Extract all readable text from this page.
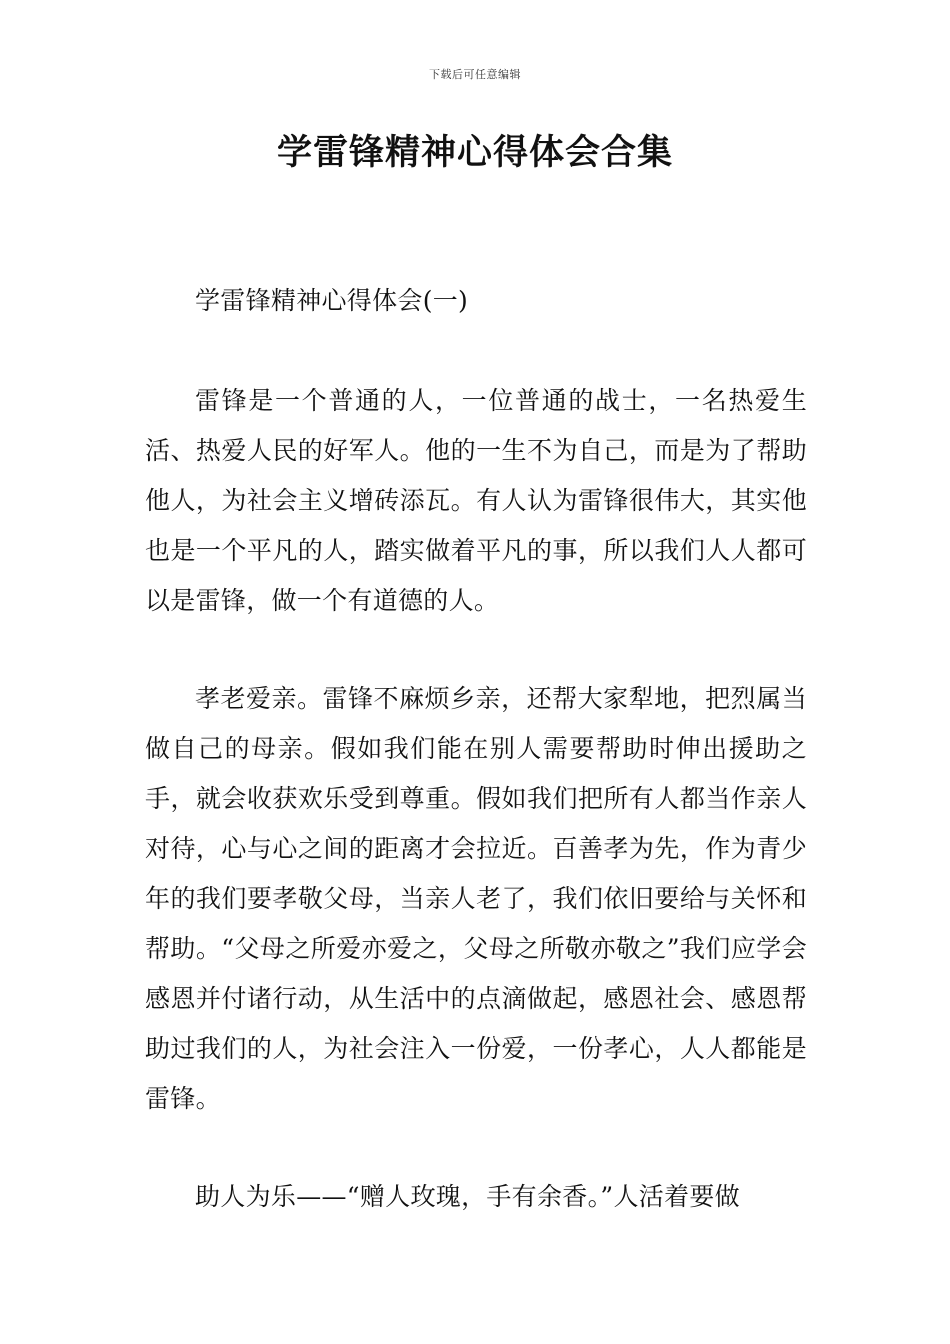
下载后可任意编辑
学雷锋精神心得体会合集
学雷锋精神心得体会(一)

雷锋是一个普通的人，一位普通的战士，一名热爱生活、热爱人民的好军人。他的一生不为自己，而是为了帮助他人，为社会主义增砖添瓦。有人认为雷锋很伟大，其实他也是一个平凡的人，踏实做着平凡的事，所以我们人人都可以是雷锋，做一个有道德的人。

孝老爱亲。雷锋不麻烦乡亲，还帮大家犁地，把烈属当做自己的母亲。假如我们能在别人需要帮助时伸出援助之手，就会收获欢乐受到尊重。假如我们把所有人都当作亲人对待，心与心之间的距离才会拉近。百善孝为先，作为青少年的我们要孝敬父母，当亲人老了，我们依旧要给与关怀和帮助。“父母之所爱亦爱之，父母之所敬亦敬之”我们应学会感恩并付诸行动，从生活中的点滴做起，感恩社会、感恩帮助过我们的人，为社会注入一份爱，一份孝心，人人都能是雷锋。

助人为乐——“赠人玫瑰，手有余香。”人活着要做
